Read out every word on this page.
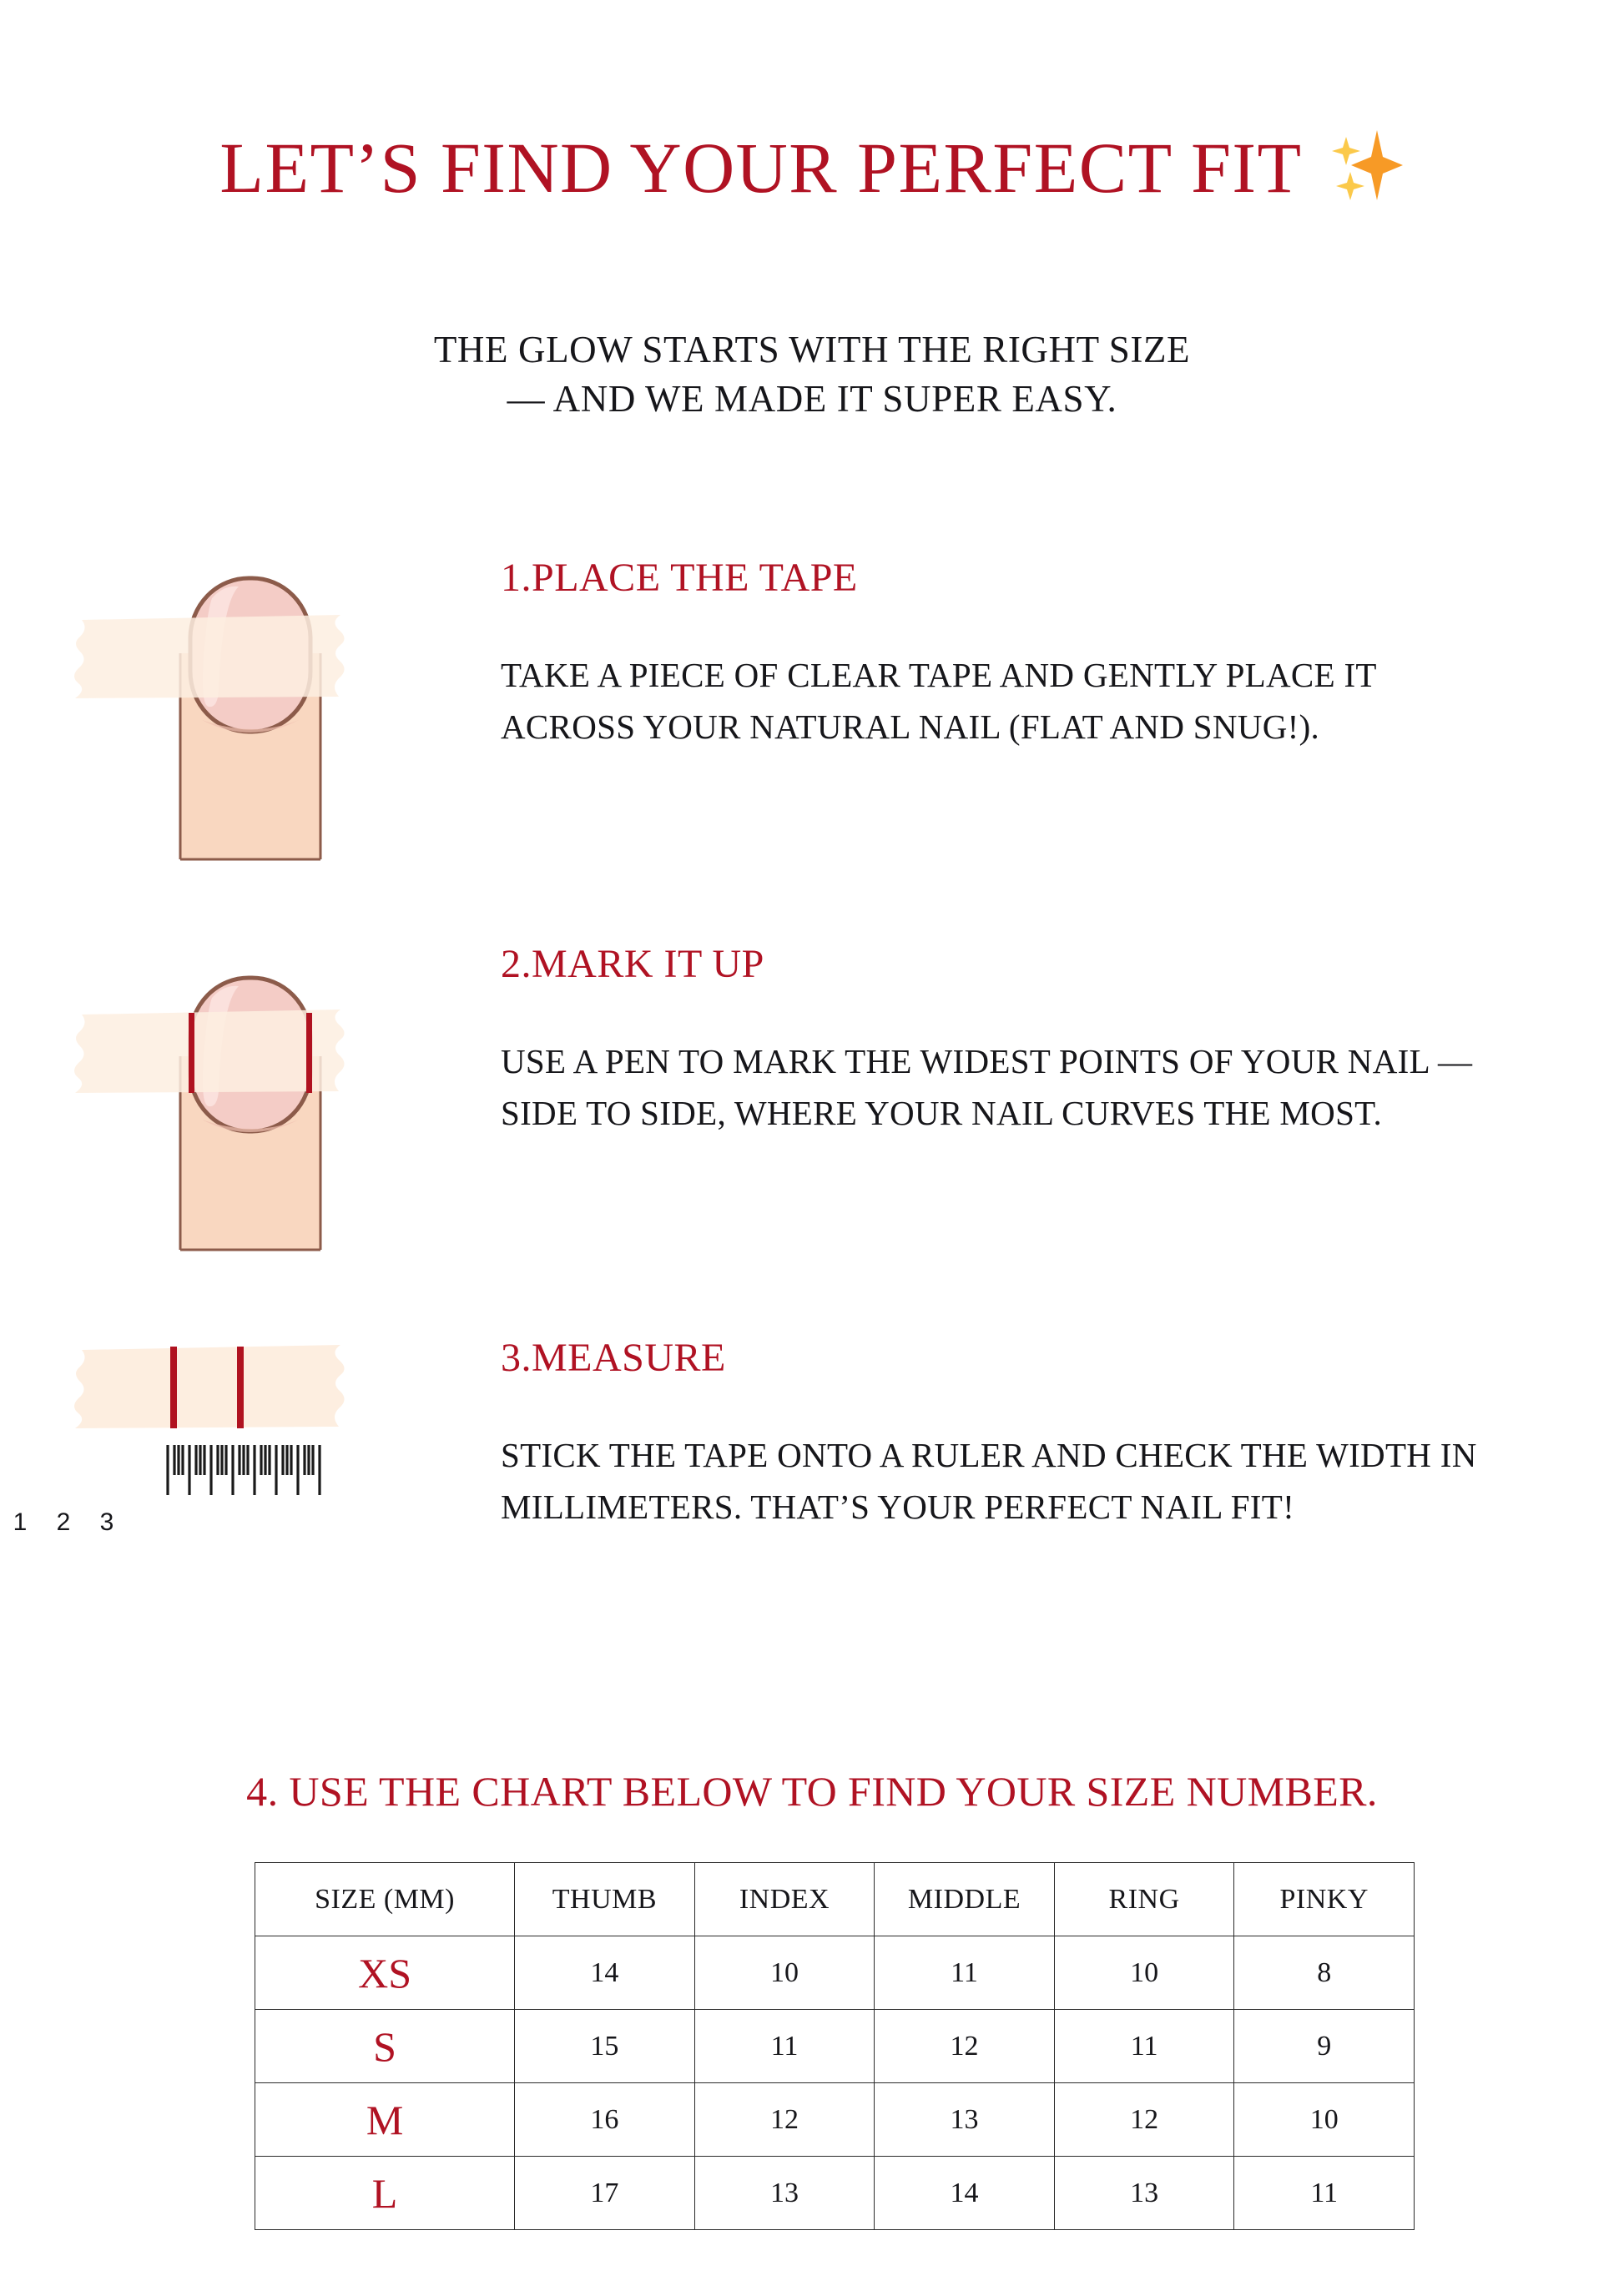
LET’S FIND YOUR PERFECT FIT
THE GLOW STARTS WITH THE RIGHT SIZE
— AND WE MADE IT SUPER EASY.
1.PLACE THE TAPE
TAKE A PIECE OF CLEAR TAPE AND GENTLY PLACE IT ACROSS YOUR NATURAL NAIL (FLAT AND SNUG!).
2.MARK IT UP
USE A PEN TO MARK THE WIDEST POINTS OF YOUR NAIL — SIDE TO SIDE, WHERE YOUR NAIL CURVES THE MOST.
1 2 3
3.MEASURE
STICK THE TAPE ONTO A RULER AND CHECK THE WIDTH IN MILLIMETERS. THAT’S YOUR PERFECT NAIL FIT!
4. USE THE CHART BELOW TO FIND YOUR SIZE NUMBER.
SIZE (MM)	THUMB	INDEX	MIDDLE	RING	PINKY
XS	14	10	11	10	8
S	15	11	12	11	9
M	16	12	13	12	10
L	17	13	14	13	11
